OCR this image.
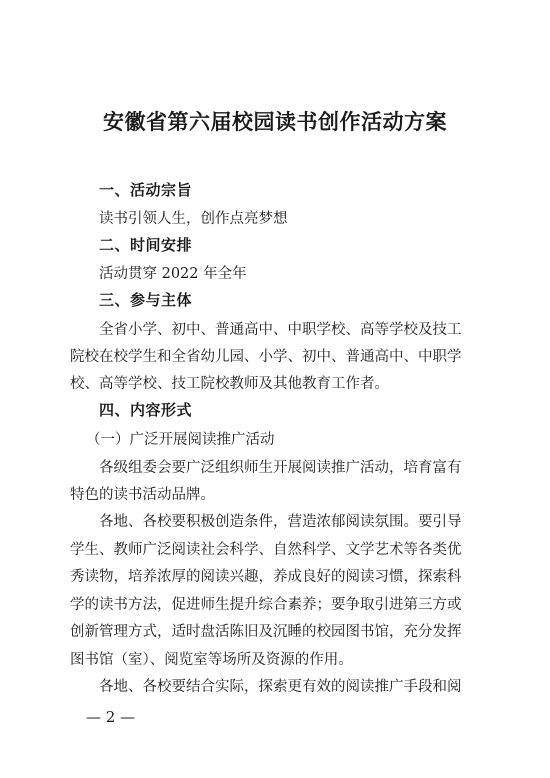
安徽省第六届校园读书创作活动方案
一、活动宗旨

读书引领人生，创作点亮梦想

二、时间安排

活动贯穿 2022 年全年

三、参与主体

全省小学、初中、普通高中、中职学校、高等学校及技工

院校在校学生和全省幼儿园、小学、初中、普通高中、中职学

校、高等学校、技工院校教师及其他教育工作者。

四、内容形式

（一）广泛开展阅读推广活动

各级组委会要广泛组织师生开展阅读推广活动，培育富有

特色的读书活动品牌。

各地、各校要积极创造条件，营造浓郁阅读氛围。要引导

学生、教师广泛阅读社会科学、自然科学、文学艺术等各类优

秀读物，培养浓厚的阅读兴趣，养成良好的阅读习惯，探索科

学的读书方法，促进师生提升综合素养；要争取引进第三方或

创新管理方式，适时盘活陈旧及沉睡的校园图书馆，充分发挥

图书馆（室）、阅览室等场所及资源的作用。

各地、各校要结合实际，探索更有效的阅读推广手段和阅

— 2 —
